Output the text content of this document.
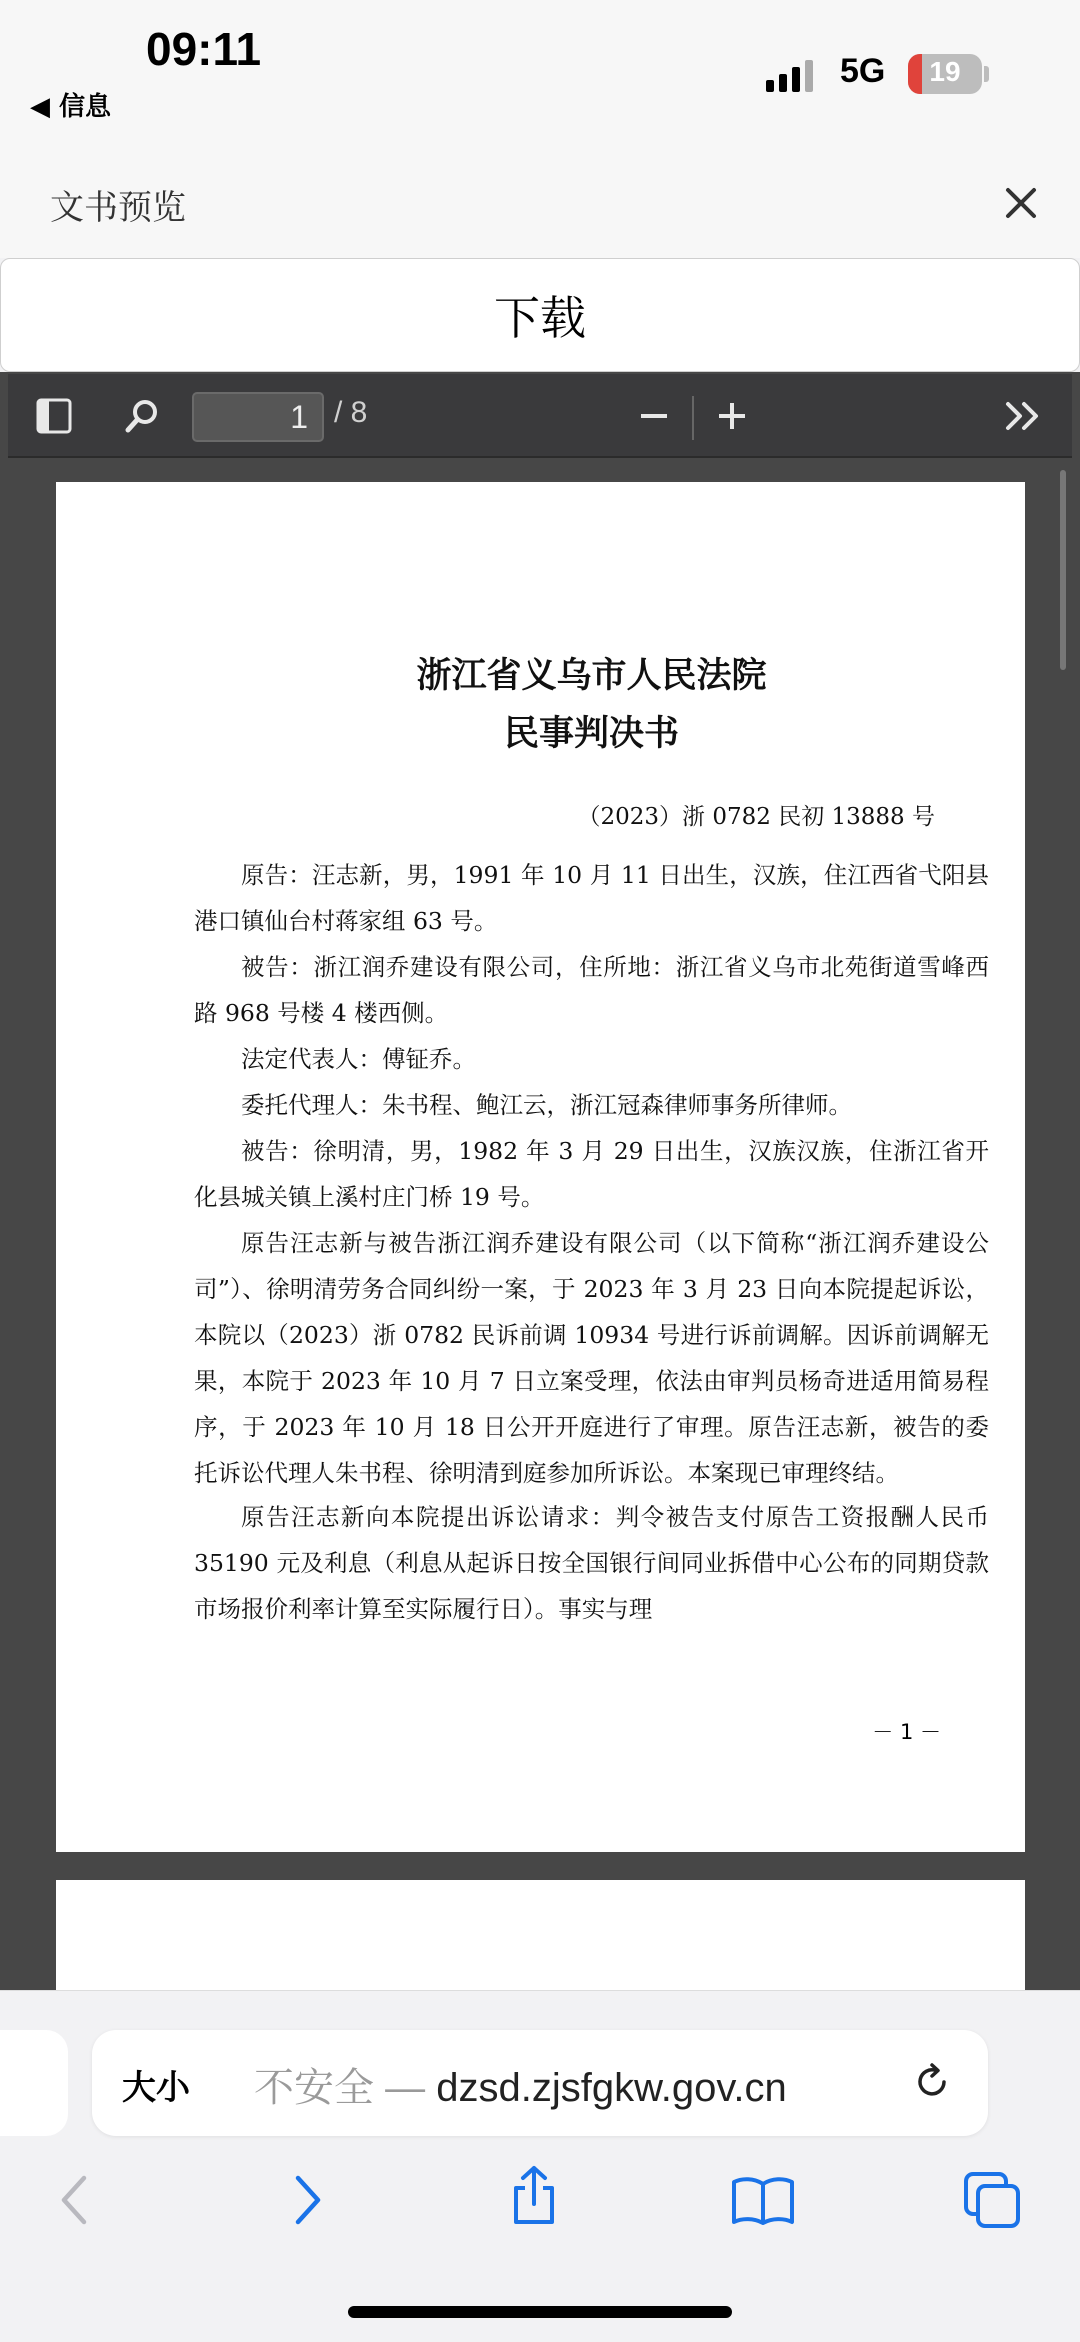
09:11
◀ 信息
5G	19
文书预览
下载
1 / 8
浙江省义乌市人民法院
民事判决书
（2023）浙 0782 民初 13888 号
原告：汪志新，男，1991 年 10 月 11 日出生，汉族，住江西省弋阳县港口镇仙台村蒋家组 63 号。
被告：浙江润乔建设有限公司，住所地：浙江省义乌市北苑街道雪峰西路 968 号楼 4 楼西侧。
法定代表人：傅钲乔。
委托代理人：朱书程、鲍江云，浙江冠森律师事务所律师。
被告：徐明清，男，1982 年 3 月 29 日出生，汉族汉族，住浙江省开化县城关镇上溪村庄门桥 19 号。
原告汪志新与被告浙江润乔建设有限公司（以下简称“浙江润乔建设公司”）、徐明清劳务合同纠纷一案，于 2023 年 3 月 23 日向本院提起诉讼，本院以（2023）浙 0782 民诉前调 10934 号进行诉前调解。因诉前调解无果，本院于 2023 年 10 月 7 日立案受理，依法由审判员杨奇进适用简易程序，于 2023 年 10 月 18 日公开开庭进行了审理。原告汪志新，被告的委托诉讼代理人朱书程、徐明清到庭参加所诉讼。本案现已审理终结。
原告汪志新向本院提出诉讼请求：判令被告支付原告工资报酬人民币 35190 元及利息（利息从起诉日按全国银行间同业拆借中心公布的同期贷款市场报价利率计算至实际履行日）。事实与理
－ 1 －
大小 不安全 — dzsd.zjsfgkw.gov.cn
